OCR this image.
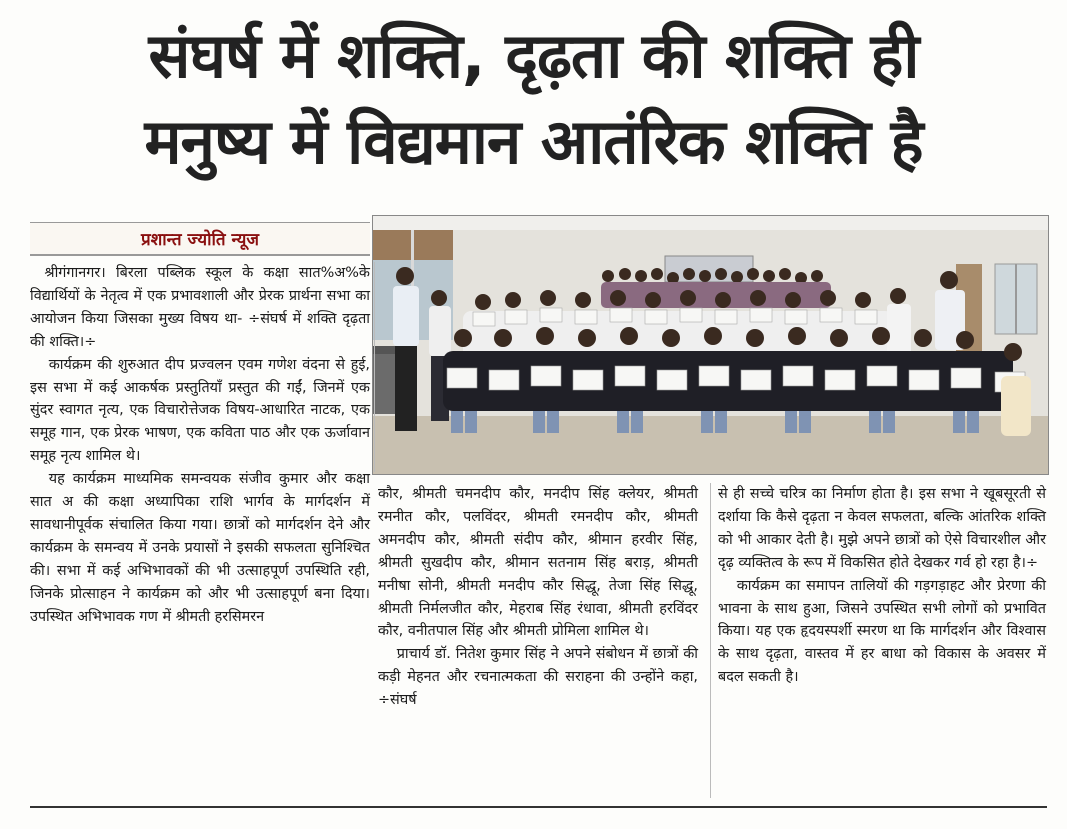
संघर्ष में शक्ति, दृढ़ता की शक्ति ही
मनुष्य में विद्यमान आतंरिक शक्ति है
प्रशान्त ज्योति न्यूज

श्रीगंगानगर। बिरला पब्लिक स्कूल के कक्षा सात%अ%के विद्यार्थियों के नेतृत्व में एक प्रभावशाली और प्रेरक प्रार्थना सभा का आयोजन किया जिसका मुख्य विषय था- ÷संघर्ष में शक्ति दृढ़ता की शक्ति।÷

कार्यक्रम की शुरुआत दीप प्रज्वलन एवम गणेश वंदना से हुई, इस सभा में कई आकर्षक प्रस्तुतियाँ प्रस्तुत की गईं, जिनमें एक सुंदर स्वागत नृत्य, एक विचारोत्तेजक विषय-आधारित नाटक, एक समूह गान, एक प्रेरक भाषण, एक कविता पाठ और एक ऊर्जावान समूह नृत्य शामिल थे।

यह कार्यक्रम माध्यमिक समन्वयक संजीव कुमार और कक्षा सात अ की कक्षा अध्यापिका राशि भार्गव के मार्गदर्शन में सावधानीपूर्वक संचालित किया गया। छात्रों को मार्गदर्शन देने और कार्यक्रम के समन्वय में उनके प्रयासों ने इसकी सफलता सुनिश्चित की। सभा में कई अभिभावकों की भी उत्साहपूर्ण उपस्थिति रही, जिनके प्रोत्साहन ने कार्यक्रम को और भी उत्साहपूर्ण बना दिया। उपस्थित अभिभावक गण में श्रीमती हरसिमरन

कौर, श्रीमती चमनदीप कौर, मनदीप सिंह क्लेयर, श्रीमती रमनीत कौर, पलविंदर, श्रीमती रमनदीप कौर, श्रीमती अमनदीप कौर, श्रीमती संदीप कौर, श्रीमान हरवीर सिंह, श्रीमती सुखदीप कौर, श्रीमान सतनाम सिंह बराड़, श्रीमती मनीषा सोनी, श्रीमती मनदीप कौर सिद्धू, तेजा सिंह सिद्धू, श्रीमती निर्मलजीत कौर, मेहराब सिंह रंधावा, श्रीमती हरविंदर कौर, वनीतपाल सिंह और श्रीमती प्रोमिला शामिल थे।

प्राचार्य डॉ. नितेश कुमार सिंह ने अपने संबोधन में छात्रों की कड़ी मेहनत और रचनात्मकता की सराहना की उन्होंने कहा, ÷संघर्ष

से ही सच्चे चरित्र का निर्माण होता है। इस सभा ने खूबसूरती से दर्शाया कि कैसे दृढ़ता न केवल सफलता, बल्कि आंतरिक शक्ति को भी आकार देती है। मुझे अपने छात्रों को ऐसे विचारशील और दृढ़ व्यक्तित्व के रूप में विकसित होते देखकर गर्व हो रहा है।÷

कार्यक्रम का समापन तालियों की गड़गड़ाहट और प्रेरणा की भावना के साथ हुआ, जिसने उपस्थित सभी लोगों को प्रभावित किया। यह एक हृदयस्पर्शी स्मरण था कि मार्गदर्शन और विश्वास के साथ दृढ़ता, वास्तव में हर बाधा को विकास के अवसर में बदल सकती है।
